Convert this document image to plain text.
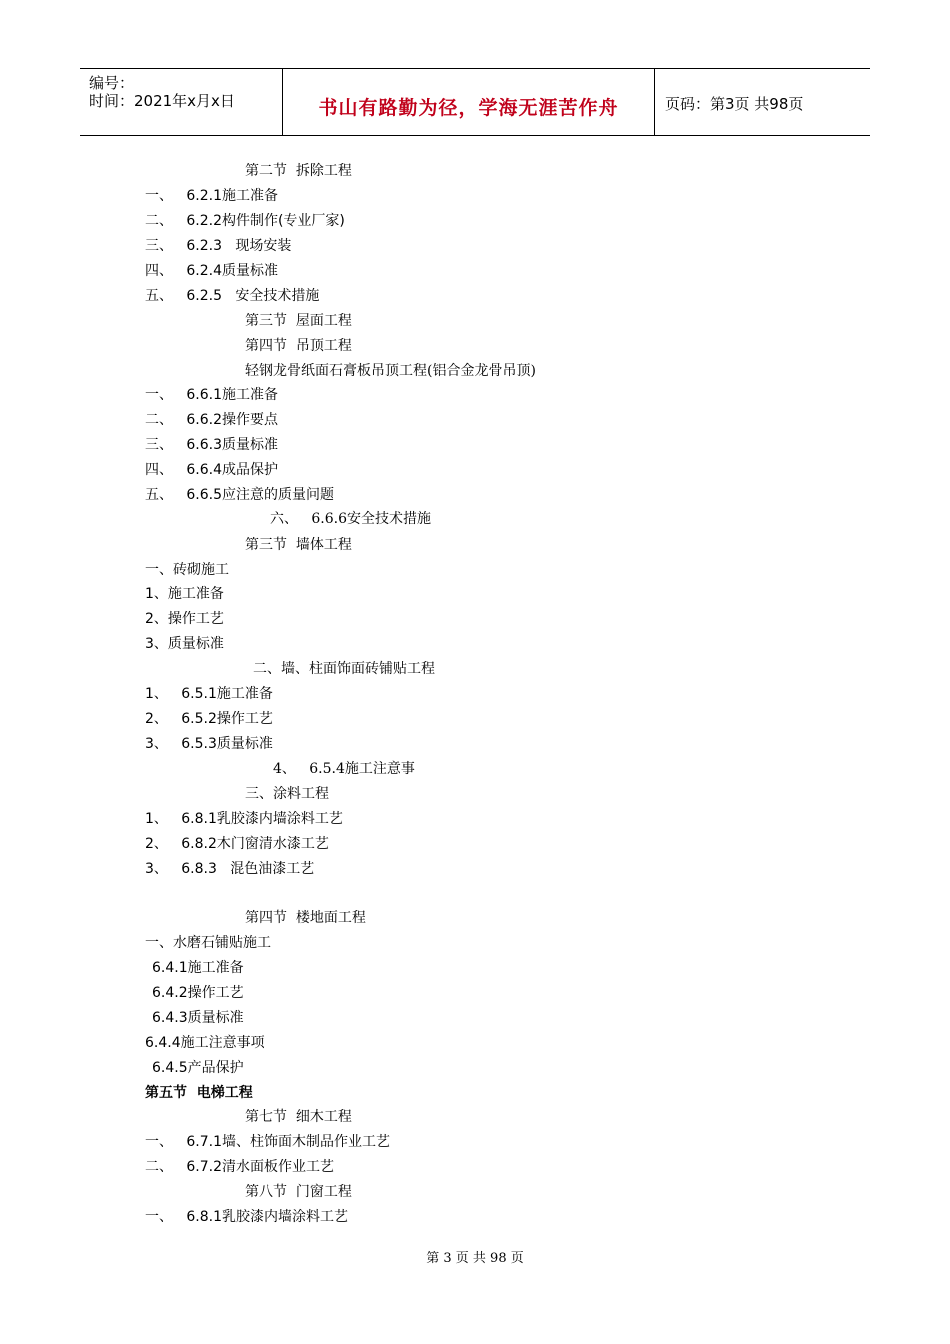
编号：
时间：2021年x月x日	书山有路勤为径，学海无涯苦作舟	页码：第3页 共98页
第二节  拆除工程
一、   6.2.1施工准备
二、   6.2.2构件制作(专业厂家)
三、   6.2.3   现场安装
四、   6.2.4质量标准
五、   6.2.5   安全技术措施
第三节  屋面工程
第四节  吊顶工程
轻钢龙骨纸面石膏板吊顶工程(铝合金龙骨吊顶)
一、   6.6.1施工准备
二、   6.6.2操作要点
三、   6.6.3质量标准
四、   6.6.4成品保护
五、   6.6.5应注意的质量问题
六、   6.6.6安全技术措施
第三节  墙体工程
一、砖砌施工
1、施工准备
2、操作工艺
3、质量标准
二、墙、柱面饰面砖铺贴工程
1、   6.5.1施工准备
2、   6.5.2操作工艺
3、   6.5.3质量标准
4、   6.5.4施工注意事
三、涂料工程
1、   6.8.1乳胶漆内墙涂料工艺
2、   6.8.2木门窗清水漆工艺
3、   6.8.3   混色油漆工艺
第四节  楼地面工程
一、水磨石铺贴施工
6.4.1施工准备
6.4.2操作工艺
6.4.3质量标准
6.4.4施工注意事项
6.4.5产品保护
第五节  电梯工程
第七节  细木工程
一、   6.7.1墙、柱饰面木制品作业工艺
二、   6.7.2清水面板作业工艺
第八节  门窗工程
一、   6.8.1乳胶漆内墙涂料工艺
第 3 页 共 98 页
